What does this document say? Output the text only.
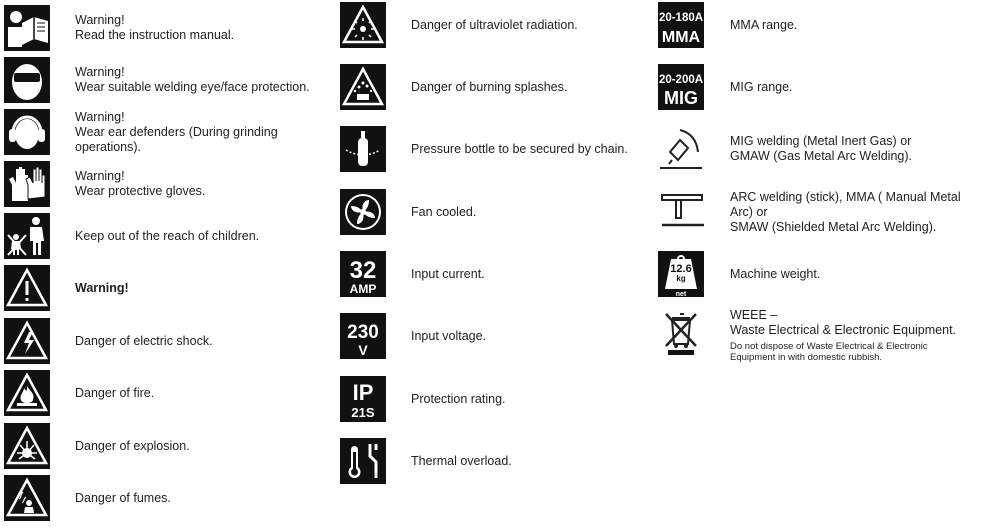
Warning!
Read the instruction manual.
Warning!
Wear suitable welding eye/face protection.
Warning!
Wear ear defenders (During grinding
operations).
Warning!
Wear protective gloves.
Keep out of the reach of children.
Warning!
Danger of electric shock.
Danger of fire.
Danger of explosion.
Danger of fumes.
Danger of ultraviolet radiation.
Danger of burning splashes.
Pressure bottle to be secured by chain.
Fan cooled.
32
AMP
Input current.
230
V
Input voltage.
IP
21S
Protection rating.
Thermal overload.
20-180A
MMA
MMA range.
20-200A
MIG
MIG range.
MIG welding (Metal Inert Gas) or
GMAW (Gas Metal Arc Welding).
ARC welding (stick), MMA ( Manual Metal
Arc) or
SMAW (Shielded Metal Arc Welding).
12.6
kg
net
Machine weight.
WEEE –
Waste Electrical & Electronic Equipment.
Do not dispose of Waste Electrical & Electronic
Equipment in with domestic rubbish.
